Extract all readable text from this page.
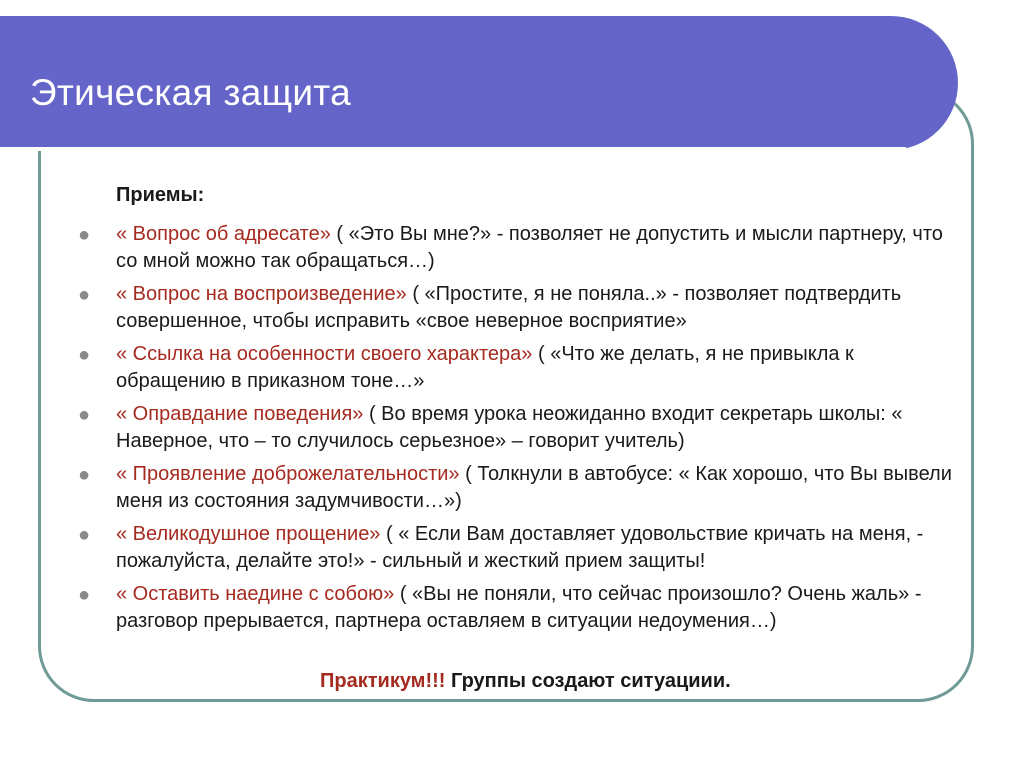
Этическая защита

Приемы:

● « Вопрос об адресате» ( «Это Вы мне?» - позволяет не допустить и мысли партнеру, что со мной можно так обращаться…)
● « Вопрос на воспроизведение» ( «Простите, я не поняла..» - позволяет подтвердить совершенное, чтобы исправить «свое неверное восприятие»
● « Ссылка на особенности своего характера» ( «Что же делать, я не привыкла к обращению в приказном тоне…»
● « Оправдание поведения» ( Во время урока неожиданно входит секретарь школы: « Наверное, что – то случилось серьезное» – говорит учитель)
● « Проявление доброжелательности» ( Толкнули в автобусе: « Как хорошо, что Вы вывели меня из состояния задумчивости…»)
● « Великодушное прощение» ( « Если Вам доставляет удовольствие кричать на меня, - пожалуйста, делайте это!» - сильный и жесткий прием защиты!
● « Оставить наедине с собою» ( «Вы не поняли, что сейчас произошло? Очень жаль» - разговор прерывается, партнера оставляем в ситуации недоумения…)

Практикум!!! Группы создают ситуациии.
